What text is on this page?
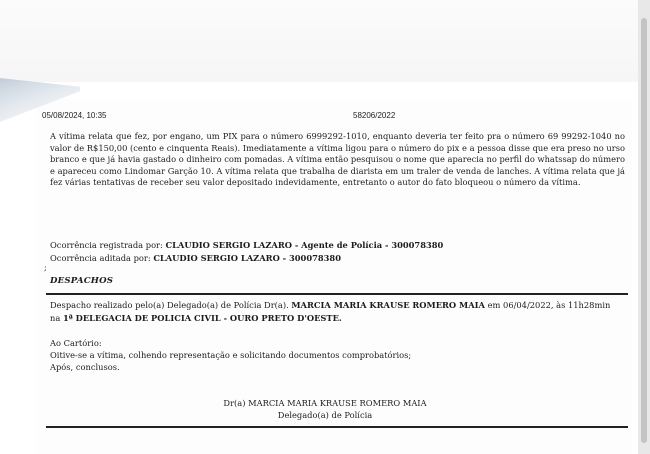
05/08/2024, 10:35	58206/2022

A vítima relata que fez, por engano, um PIX para o número 6999292-1010, enquanto deveria ter feito pra o número 69 99292-1040 no valor de R$150,00 (cento e cinquenta Reais). Imediatamente a vítima ligou para o número do pix e a pessoa disse que era preso no urso branco e que já havia gastado o dinheiro com pomadas. A vítima então pesquisou o nome que aparecia no perfil do whatssap do número e apareceu como Lindomar Garção 10. A vítima relata que trabalha de diarista em um traler de venda de lanches. A vítima relata que já fez várias tentativas de receber seu valor depositado indevidamente, entretanto o autor do fato bloqueou o número da vítima.

Ocorrência registrada por: CLAUDIO SERGIO LAZARO - Agente de Polícia - 300078380
Ocorrência aditada por: CLAUDIO SERGIO LAZARO - 300078380
;
DESPACHOS
Despacho realizado pelo(a) Delegado(a) de Polícia Dr(a). MARCIA MARIA KRAUSE ROMERO MAIA em 06/04/2022, às 11h28min
na 1ª DELEGACIA DE POLICIA CIVIL - OURO PRETO D'OESTE.
Ao Cartório:
Oitive-se a vítima, colhendo representação e solicitando documentos comprobatórios;
Após, conclusos.
Dr(a) MARCIA MARIA KRAUSE ROMERO MAIA
Delegado(a) de Polícia
